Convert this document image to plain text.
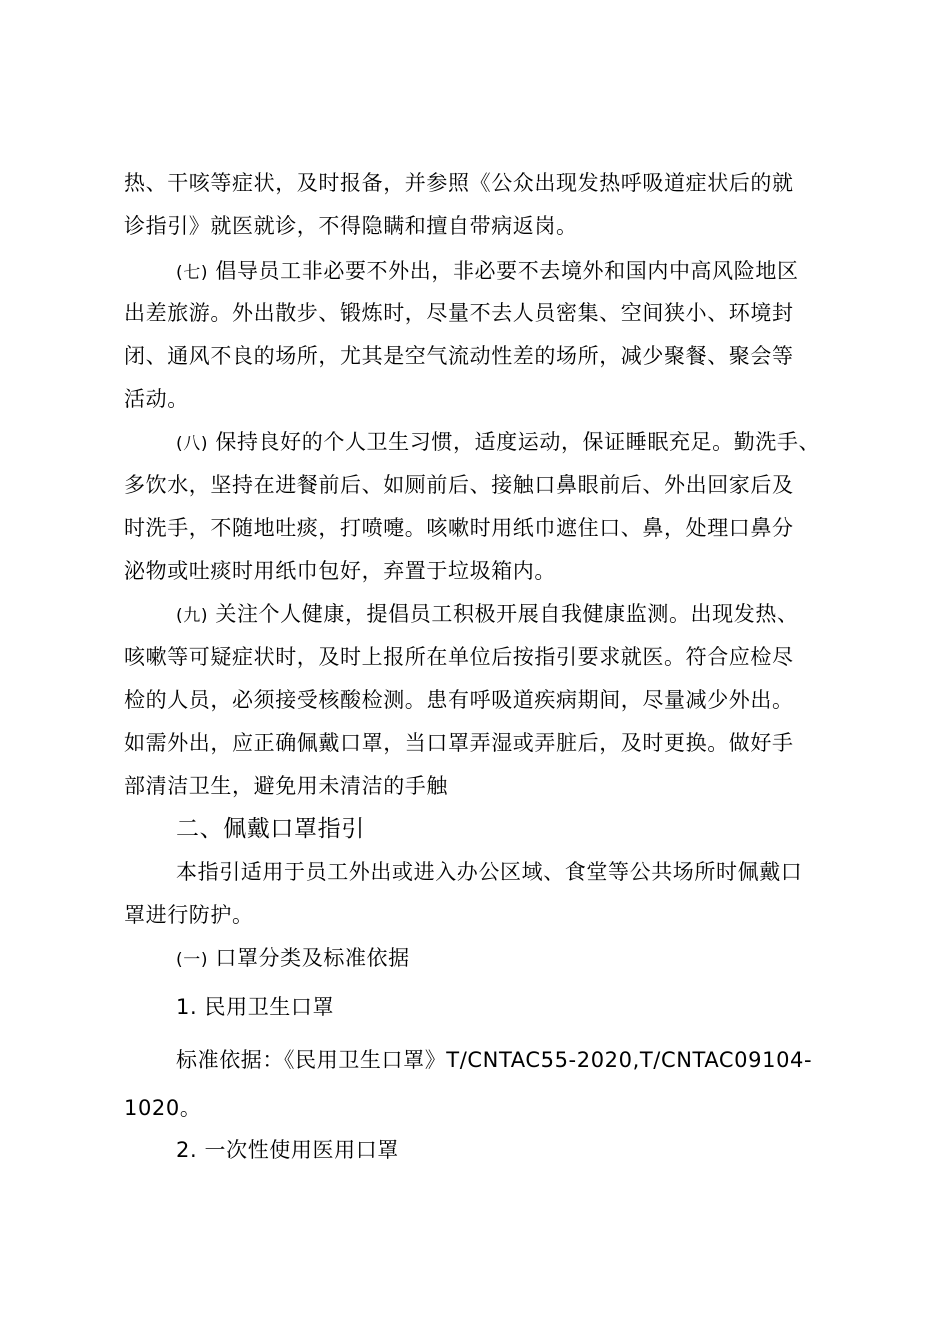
热、干咳等症状，及时报备，并参照《公众出现发热呼吸道症状后的就
诊指引》就医就诊，不得隐瞒和擅自带病返岗。
(七) 倡导员工非必要不外出，非必要不去境外和国内中高风险地区
出差旅游。外出散步、锻炼时，尽量不去人员密集、空间狭小、环境封
闭、通风不良的场所，尤其是空气流动性差的场所，减少聚餐、聚会等
活动。
(八) 保持良好的个人卫生习惯，适度运动，保证睡眠充足。勤洗手、
多饮水，坚持在进餐前后、如厕前后、接触口鼻眼前后、外出回家后及
时洗手，不随地吐痰，打喷嚏。咳嗽时用纸巾遮住口、鼻，处理口鼻分
泌物或吐痰时用纸巾包好，弃置于垃圾箱内。
(九) 关注个人健康，提倡员工积极开展自我健康监测。出现发热、
咳嗽等可疑症状时，及时上报所在单位后按指引要求就医。符合应检尽
检的人员，必须接受核酸检测。患有呼吸道疾病期间，尽量减少外出。
如需外出，应正确佩戴口罩，当口罩弄湿或弄脏后，及时更换。做好手
部清洁卫生，避免用未清洁的手触
二、佩戴口罩指引
本指引适用于员工外出或进入办公区域、食堂等公共场所时佩戴口
罩进行防护。
(一) 口罩分类及标准依据
1. 民用卫生口罩
标准依据：《民用卫生口罩》T/CNTAC55-2020,T/CNTAC09104-
1020。
2. 一次性使用医用口罩
